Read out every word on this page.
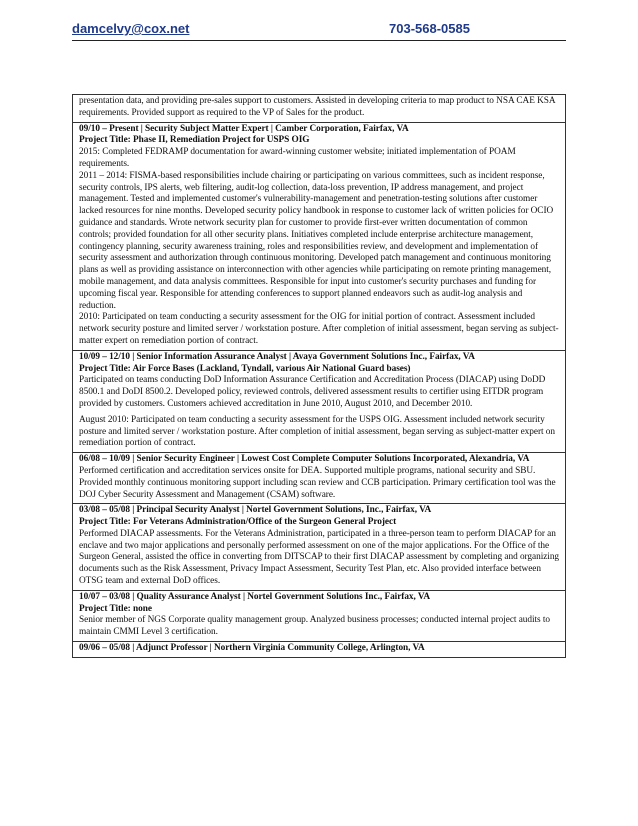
damcelvy@cox.net	703-568-0585

presentation data, and providing pre-sales support to customers. Assisted in developing criteria to map product to NSA CAE KSA requirements. Provided support as required to the VP of Sales for the product.

09/10 – Present | Security Subject Matter Expert | Camber Corporation, Fairfax, VA

Project Title: Phase II, Remediation Project for USPS OIG

2015: Completed FEDRAMP documentation for award-winning customer website; initiated implementation of POAM requirements.

2011 – 2014: FISMA-based responsibilities include chairing or participating on various committees, such as incident response, security controls, IPS alerts, web filtering, audit-log collection, data-loss prevention, IP address management, and project management. Tested and implemented customer's vulnerability-management and penetration-testing solutions after customer lacked resources for nine months. Developed security policy handbook in response to customer lack of written policies for OCIO guidance and standards. Wrote network security plan for customer to provide first-ever written documentation of common controls; provided foundation for all other security plans. Initiatives completed include enterprise architecture management, contingency planning, security awareness training, roles and responsibilities review, and development and implementation of security assessment and authorization through continuous monitoring. Developed patch management and continuous monitoring plans as well as providing assistance on interconnection with other agencies while participating on remote printing management, mobile management, and data analysis committees. Responsible for input into customer's security purchases and funding for upcoming fiscal year. Responsible for attending conferences to support planned endeavors such as audit-log analysis and reduction.

2010: Participated on team conducting a security assessment for the OIG for initial portion of contract. Assessment included network security posture and limited server / workstation posture. After completion of initial assessment, began serving as subject-matter expert on remediation portion of contract.

10/09 – 12/10 | Senior Information Assurance Analyst | Avaya Government Solutions Inc., Fairfax, VA

Project Title: Air Force Bases (Lackland, Tyndall, various Air National Guard bases)

Participated on teams conducting DoD Information Assurance Certification and Accreditation Process (DIACAP) using DoDD 8500.1 and DoDI 8500.2. Developed policy, reviewed controls, delivered assessment results to certifier using EITDR program provided by customers. Customers achieved accreditation in June 2010, August 2010, and December 2010.

August 2010: Participated on team conducting a security assessment for the USPS OIG. Assessment included network security posture and limited server / workstation posture. After completion of initial assessment, began serving as subject-matter expert on remediation portion of contract.

06/08 – 10/09 | Senior Security Engineer | Lowest Cost Complete Computer Solutions Incorporated, Alexandria, VA

Performed certification and accreditation services onsite for DEA. Supported multiple programs, national security and SBU. Provided monthly continuous monitoring support including scan review and CCB participation. Primary certification tool was the DOJ Cyber Security Assessment and Management (CSAM) software.

03/08 – 05/08 | Principal Security Analyst | Nortel Government Solutions, Inc., Fairfax, VA

Project Title: For Veterans Administration/Office of the Surgeon General Project

Performed DIACAP assessments. For the Veterans Administration, participated in a three-person team to perform DIACAP for an enclave and two major applications and personally performed assessment on one of the major applications. For the Office of the Surgeon General, assisted the office in converting from DITSCAP to their first DIACAP assessment by completing and organizing documents such as the Risk Assessment, Privacy Impact Assessment, Security Test Plan, etc. Also provided interface between OTSG team and external DoD offices.

10/07 – 03/08 | Quality Assurance Analyst | Nortel Government Solutions Inc., Fairfax, VA

Project Title: none

Senior member of NGS Corporate quality management group. Analyzed business processes; conducted internal project audits to maintain CMMI Level 3 certification.

09/06 – 05/08 | Adjunct Professor | Northern Virginia Community College, Arlington, VA
